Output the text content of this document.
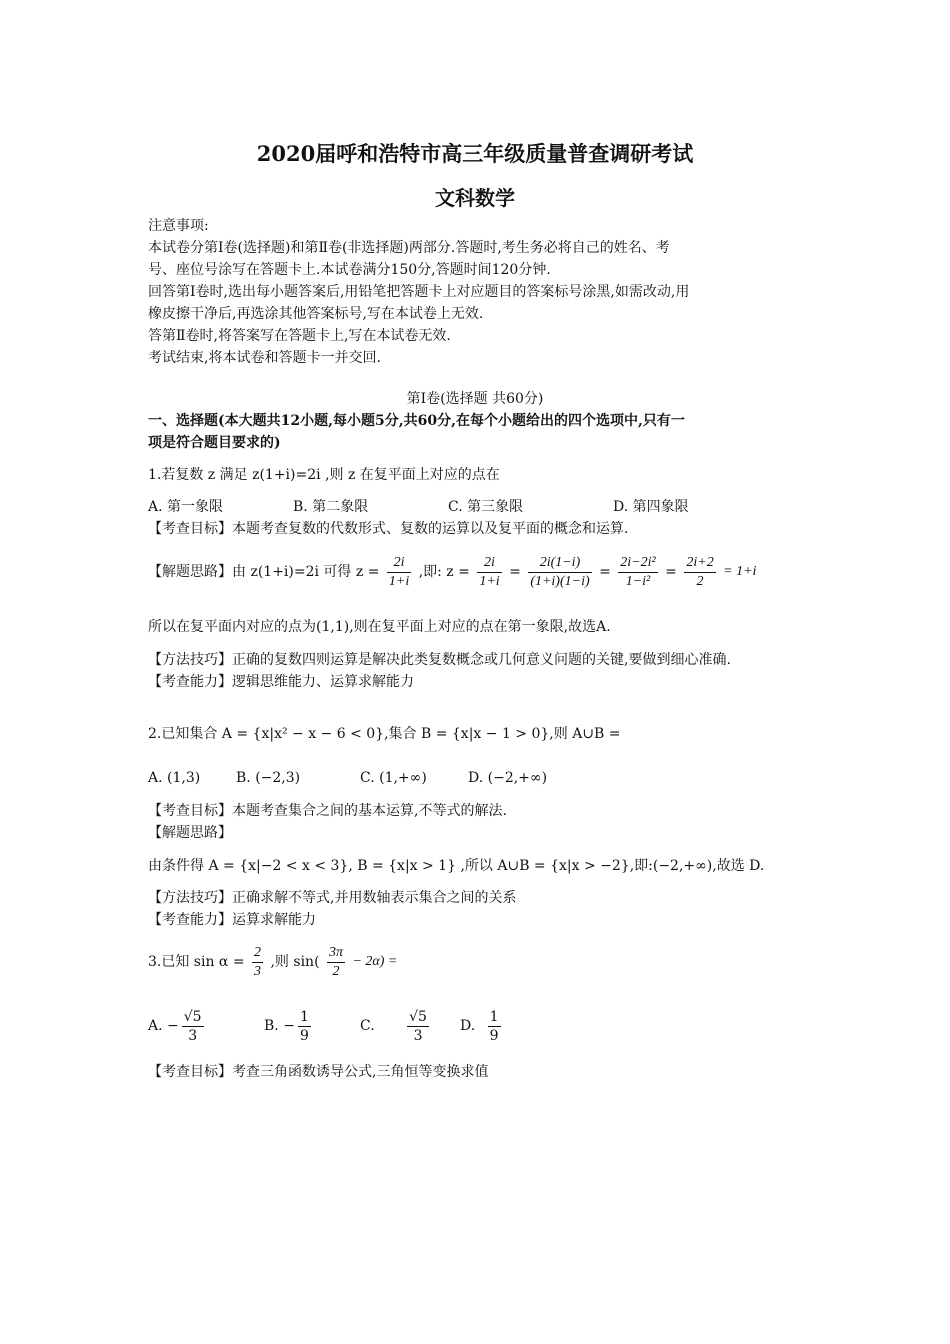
2020届呼和浩特市高三年级质量普查调研考试
文科数学
注意事项:
本试卷分第Ⅰ卷(选择题)和第Ⅱ卷(非选择题)两部分.答题时,考生务必将自己的姓名、考
号、座位号涂写在答题卡上.本试卷满分150分,答题时间120分钟.
回答第Ⅰ卷时,选出每小题答案后,用铅笔把答题卡上对应题目的答案标号涂黑,如需改动,用
橡皮擦干净后,再选涂其他答案标号,写在本试卷上无效.
答第Ⅱ卷时,将答案写在答题卡上,写在本试卷无效.
考试结束,将本试卷和答题卡一并交回.
第Ⅰ卷(选择题 共60分)
一、选择题(本大题共12小题,每小题5分,共60分,在每个小题给出的四个选项中,只有一
项是符合题目要求的)
1.若复数 z 满足 z(1+i)=2i ,则 z 在复平面上对应的点在
A. 第一象限	B. 第二象限	C. 第三象限	D. 第四象限
【考查目标】本题考查复数的代数形式、复数的运算以及复平面的概念和运算.
【解题思路】由 z(1+i)=2i 可得 $z = \frac{2i}{1+i}$ ,即: $z = \frac{2i}{1+i} = \frac{2i(1-i)}{(1+i)(1-i)} = \frac{\text{2i−2i²}}{\text{1−i²}} = \frac{2i+2}{2} = 1+i$
所以在复平面内对应的点为(1,1),则在复平面上对应的点在第一象限,故选A.
【方法技巧】正确的复数四则运算是解决此类复数概念或几何意义问题的关键,要做到细心准确.
【考查能力】逻辑思维能力、运算求解能力
2.已知集合 A = {x|x² − x − 6 < 0},集合 B = {x|x − 1 > 0},则 A∪B =
A. (1,3)	B. (−2,3)	C. (1,+∞)	D. (−2,+∞)
【考查目标】本题考查集合之间的基本运算,不等式的解法.
【解题思路】
由条件得 A = {x|−2 < x < 3}, B = {x|x > 1} ,所以 A∪B = {x|x > −2},即:(−2,+∞),故选 D.
【方法技巧】正确求解不等式,并用数轴表示集合之间的关系
【考查能力】运算求解能力
3.已知 $\sin \alpha = \frac{2}{3}$ ,则 $\sin( \frac{3\pi}{2} - 2\alpha)$ =
A. − $\frac{√5}{3}$	B. − $\frac{1}{9}$	C. $\frac{√5}{3} D$. $\frac{1}{9}$
【考查目标】考查三角函数诱导公式,三角恒等变换求值
